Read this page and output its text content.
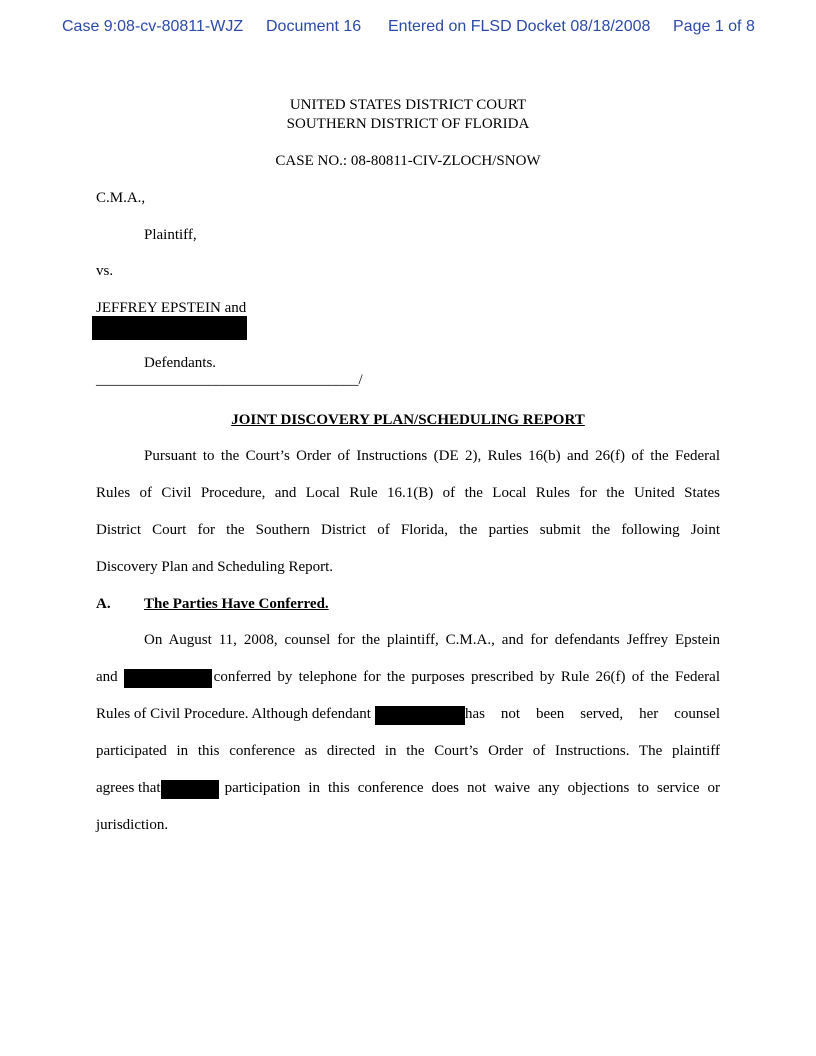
Case 9:08-cv-80811-WJZ Document 16 Entered on FLSD Docket 08/18/2008 Page 1 of 8
UNITED STATES DISTRICT COURT
SOUTHERN DISTRICT OF FLORIDA
CASE NO.: 08-80811-CIV-ZLOCH/SNOW
C.M.A.,
Plaintiff,
vs.
JEFFREY EPSTEIN and
Defendants.
___________________________________/
JOINT DISCOVERY PLAN/SCHEDULING REPORT
Pursuant to the Court’s Order of Instructions (DE 2), Rules 16(b) and 26(f) of the Federal
Rules of Civil Procedure, and Local Rule 16.1(B) of the Local Rules for the United States
District Court for the Southern District of Florida, the parties submit the following Joint
Discovery Plan and Scheduling Report.
A. The Parties Have Conferred.
On August 11, 2008, counsel for the plaintiff, C.M.A., and for defendants Jeffrey Epstein
and	conferred by telephone for the purposes prescribed by Rule 26(f) of the Federal
Rules of Civil Procedure. Although defendant	has not been served, her counsel
participated in this conference as directed in the Court’s Order of Instructions. The plaintiff
agrees that	participation in this conference does not waive any objections to service or
jurisdiction.
